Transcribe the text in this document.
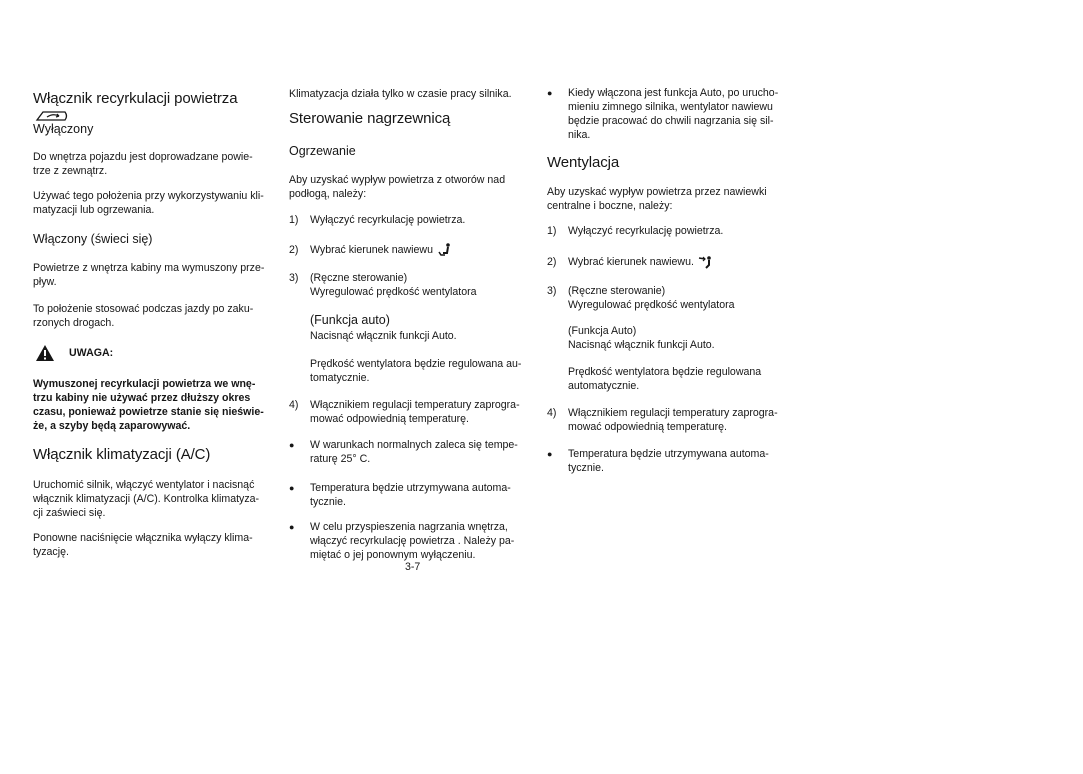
Włącznik recyrkulacji powietrza
Wyłączony

Do wnętrza pojazdu jest doprowadzane powie-
trze z zewnątrz.

Używać tego położenia przy wykorzystywaniu kli-
matyzacji lub ogrzewania.

Włączony (świeci się)

Powietrze z wnętrza kabiny ma wymuszony prze-
pływ.

To położenie stosować podczas jazdy po zaku-
rzonych drogach.

UWAGA:

Wymuszonej recyrkulacji powietrza we wnę-
trzu kabiny nie używać przez dłuższy okres
czasu, ponieważ powietrze stanie się nieświe-
że, a szyby będą zaparowywać.

Włącznik klimatyzacji (A/C)

Uruchomić silnik, włączyć wentylator i nacisnąć
włącznik klimatyzacji (A/C). Kontrolka klimatyza-
cji zaświeci się.

Ponowne naciśnięcie włącznika wyłączy klima-
tyzację.

Klimatyzacja działa tylko w czasie pracy silnika.

Sterowanie nagrzewnicą
Ogrzewanie

Aby uzyskać wypływ powietrza z otworów nad
podłogą, należy:

1)	Wyłączyć recyrkulację powietrza.
2)	Wybrać kierunek nawiewu
3)	(Ręczne sterowanie)
Wyregulować prędkość wentylatora
(Funkcja auto)

Nacisnąć włącznik funkcji Auto.

Prędkość wentylatora będzie regulowana au-
tomatycznie.

4)	Włącznikiem regulacji temperatury zaprogra-
mować odpowiednią temperaturę.
●	W warunkach normalnych zaleca się tempe-
raturę 25° C.
●	Temperatura będzie utrzymywana automa-
tycznie.
●	W celu przyspieszenia nagrzania wnętrza,
włączyć recyrkulację powietrza . Należy pa-
miętać o jej ponownym wyłączeniu.
3-7
●	Kiedy włączona jest funkcja Auto, po urucho-
mieniu zimnego silnika, wentylator nawiewu
będzie pracować do chwili nagrzania się sil-
nika.
Wentylacja

Aby uzyskać wypływ powietrza przez nawiewki
centralne i boczne, należy:

1)	Wyłączyć recyrkulację powietrza.
2)	Wybrać kierunek nawiewu.
3)	(Ręczne sterowanie)
Wyregulować prędkość wentylatora

(Funkcja Auto)
Nacisnąć włącznik funkcji Auto.

Prędkość wentylatora będzie regulowana
automatycznie.

4)	Włącznikiem regulacji temperatury zaprogra-
mować odpowiednią temperaturę.
●	Temperatura będzie utrzymywana automa-
tycznie.
